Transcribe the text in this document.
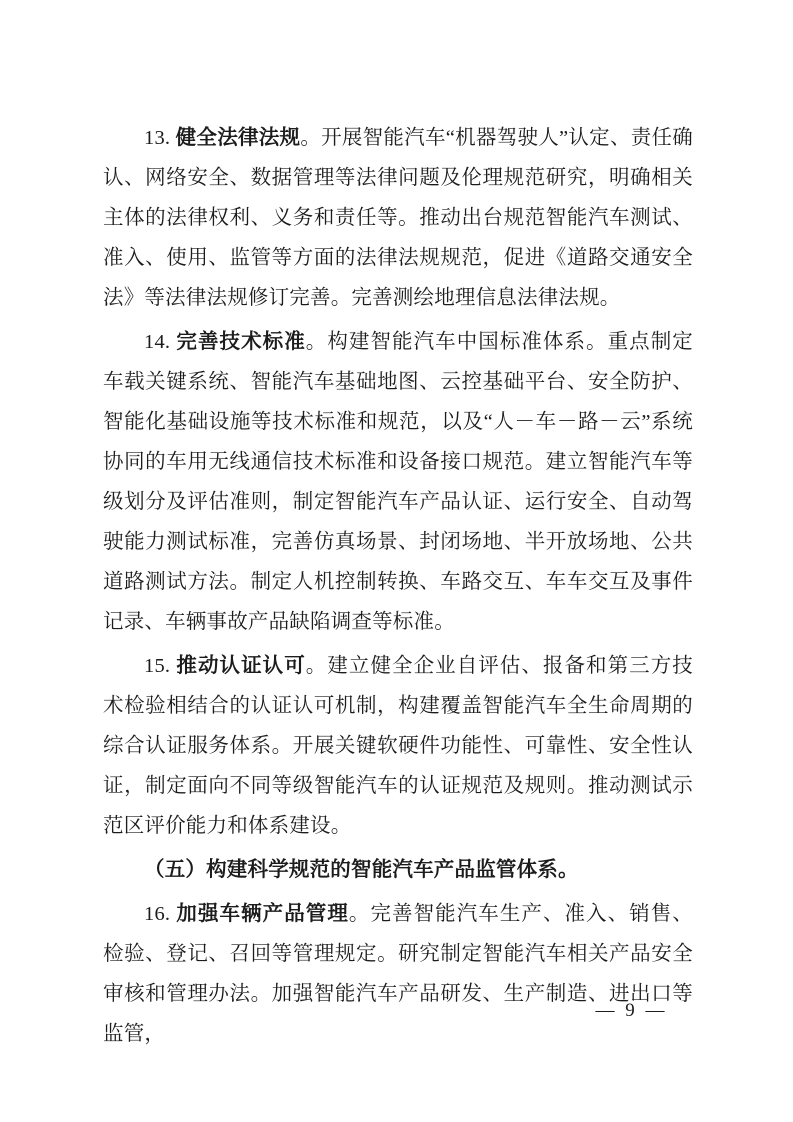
13. 健全法律法规。开展智能汽车“机器驾驶人”认定、责任确认、网络安全、数据管理等法律问题及伦理规范研究，明确相关主体的法律权利、义务和责任等。推动出台规范智能汽车测试、准入、使用、监管等方面的法律法规规范，促进《道路交通安全法》等法律法规修订完善。完善测绘地理信息法律法规。

14. 完善技术标准。构建智能汽车中国标准体系。重点制定车载关键系统、智能汽车基础地图、云控基础平台、安全防护、智能化基础设施等技术标准和规范，以及“人－车－路－云”系统协同的车用无线通信技术标准和设备接口规范。建立智能汽车等级划分及评估准则，制定智能汽车产品认证、运行安全、自动驾驶能力测试标准，完善仿真场景、封闭场地、半开放场地、公共道路测试方法。制定人机控制转换、车路交互、车车交互及事件记录、车辆事故产品缺陷调查等标准。

15. 推动认证认可。建立健全企业自评估、报备和第三方技术检验相结合的认证认可机制，构建覆盖智能汽车全生命周期的综合认证服务体系。开展关键软硬件功能性、可靠性、安全性认证，制定面向不同等级智能汽车的认证规范及规则。推动测试示范区评价能力和体系建设。

（五）构建科学规范的智能汽车产品监管体系。

16. 加强车辆产品管理。完善智能汽车生产、准入、销售、检验、登记、召回等管理规定。研究制定智能汽车相关产品安全审核和管理办法。加强智能汽车产品研发、生产制造、进出口等监管，

— 9 —
